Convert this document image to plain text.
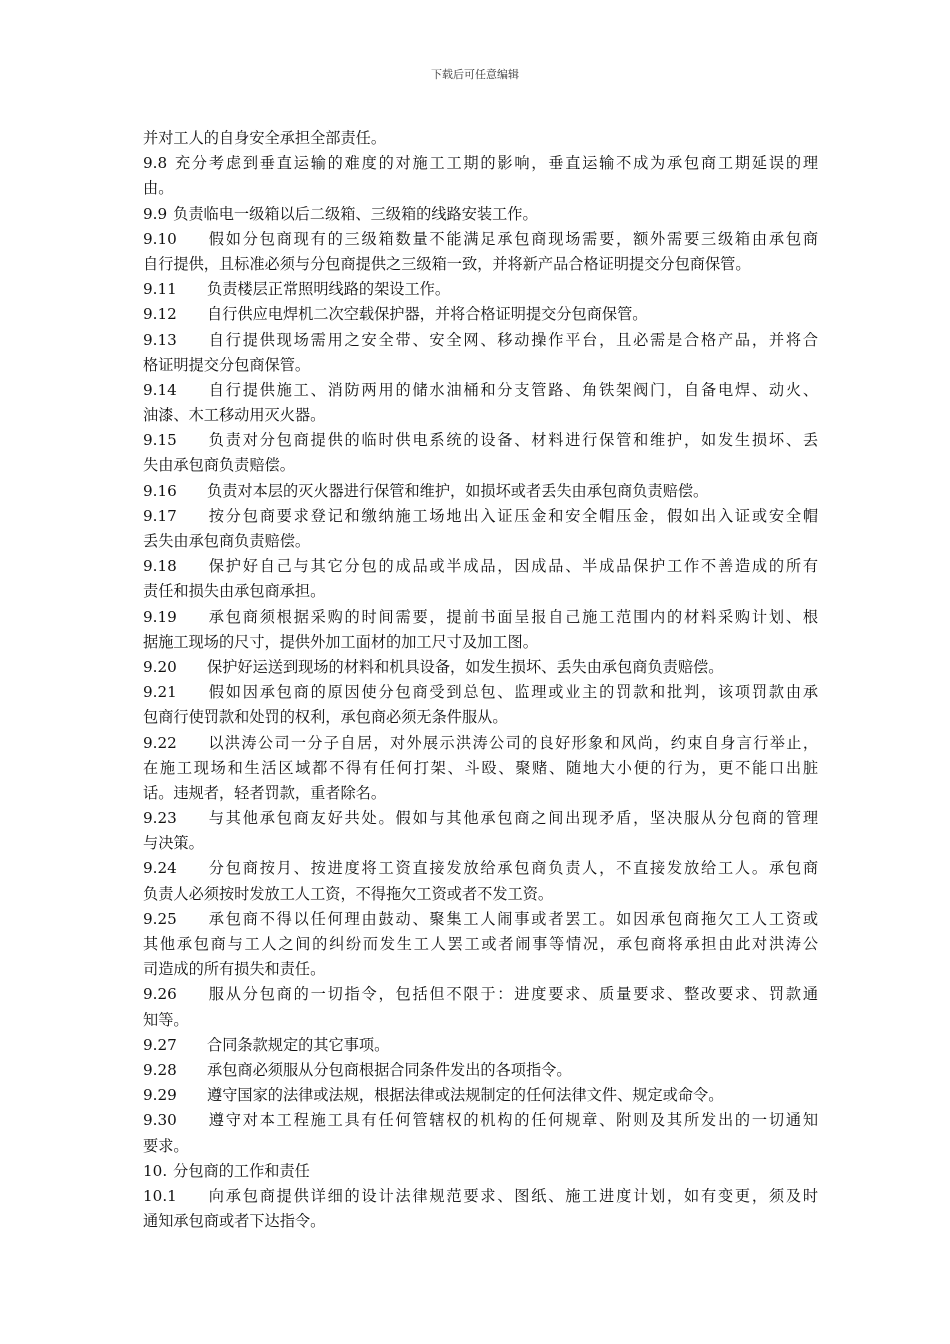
下载后可任意编辑
并对工人的自身安全承担全部责任。
9.8 充分考虑到垂直运输的难度的对施工工期的影响，垂直运输不成为承包商工期延误的理
由。
9.9 负责临电一级箱以后二级箱、三级箱的线路安装工作。
9.10 假如分包商现有的三级箱数量不能满足承包商现场需要，额外需要三级箱由承包商
自行提供，且标准必须与分包商提供之三级箱一致，并将新产品合格证明提交分包商保管。
9.11 负责楼层正常照明线路的架设工作。
9.12 自行供应电焊机二次空载保护器，并将合格证明提交分包商保管。
9.13 自行提供现场需用之安全带、安全网、移动操作平台，且必需是合格产品，并将合
格证明提交分包商保管。
9.14 自行提供施工、消防两用的储水油桶和分支管路、角铁架阀门，自备电焊、动火、
油漆、木工移动用灭火器。
9.15 负责对分包商提供的临时供电系统的设备、材料进行保管和维护，如发生损坏、丢
失由承包商负责赔偿。
9.16 负责对本层的灭火器进行保管和维护，如损坏或者丢失由承包商负责赔偿。
9.17 按分包商要求登记和缴纳施工场地出入证压金和安全帽压金，假如出入证或安全帽
丢失由承包商负责赔偿。
9.18 保护好自己与其它分包的成品或半成品，因成品、半成品保护工作不善造成的所有
责任和损失由承包商承担。
9.19 承包商须根据采购的时间需要，提前书面呈报自己施工范围内的材料采购计划、根
据施工现场的尺寸，提供外加工面材的加工尺寸及加工图。
9.20 保护好运送到现场的材料和机具设备，如发生损坏、丢失由承包商负责赔偿。
9.21 假如因承包商的原因使分包商受到总包、监理或业主的罚款和批判，该项罚款由承
包商行使罚款和处罚的权利，承包商必须无条件服从。
9.22 以洪涛公司一分子自居，对外展示洪涛公司的良好形象和风尚，约束自身言行举止，
在施工现场和生活区域都不得有任何打架、斗殴、聚赌、随地大小便的行为，更不能口出脏
话。违规者，轻者罚款，重者除名。
9.23 与其他承包商友好共处。假如与其他承包商之间出现矛盾，坚决服从分包商的管理
与决策。
9.24 分包商按月、按进度将工资直接发放给承包商负责人，不直接发放给工人。承包商
负责人必须按时发放工人工资，不得拖欠工资或者不发工资。
9.25 承包商不得以任何理由鼓动、聚集工人闹事或者罢工。如因承包商拖欠工人工资或
其他承包商与工人之间的纠纷而发生工人罢工或者闹事等情况，承包商将承担由此对洪涛公
司造成的所有损失和责任。
9.26 服从分包商的一切指令，包括但不限于：进度要求、质量要求、整改要求、罚款通
知等。
9.27 合同条款规定的其它事项。
9.28 承包商必须服从分包商根据合同条件发出的各项指令。
9.29 遵守国家的法律或法规，根据法律或法规制定的任何法律文件、规定或命令。
9.30 遵守对本工程施工具有任何管辖权的机构的任何规章、附则及其所发出的一切通知
要求。
10. 分包商的工作和责任
10.1 向承包商提供详细的设计法律规范要求、图纸、施工进度计划，如有变更，须及时
通知承包商或者下达指令。
